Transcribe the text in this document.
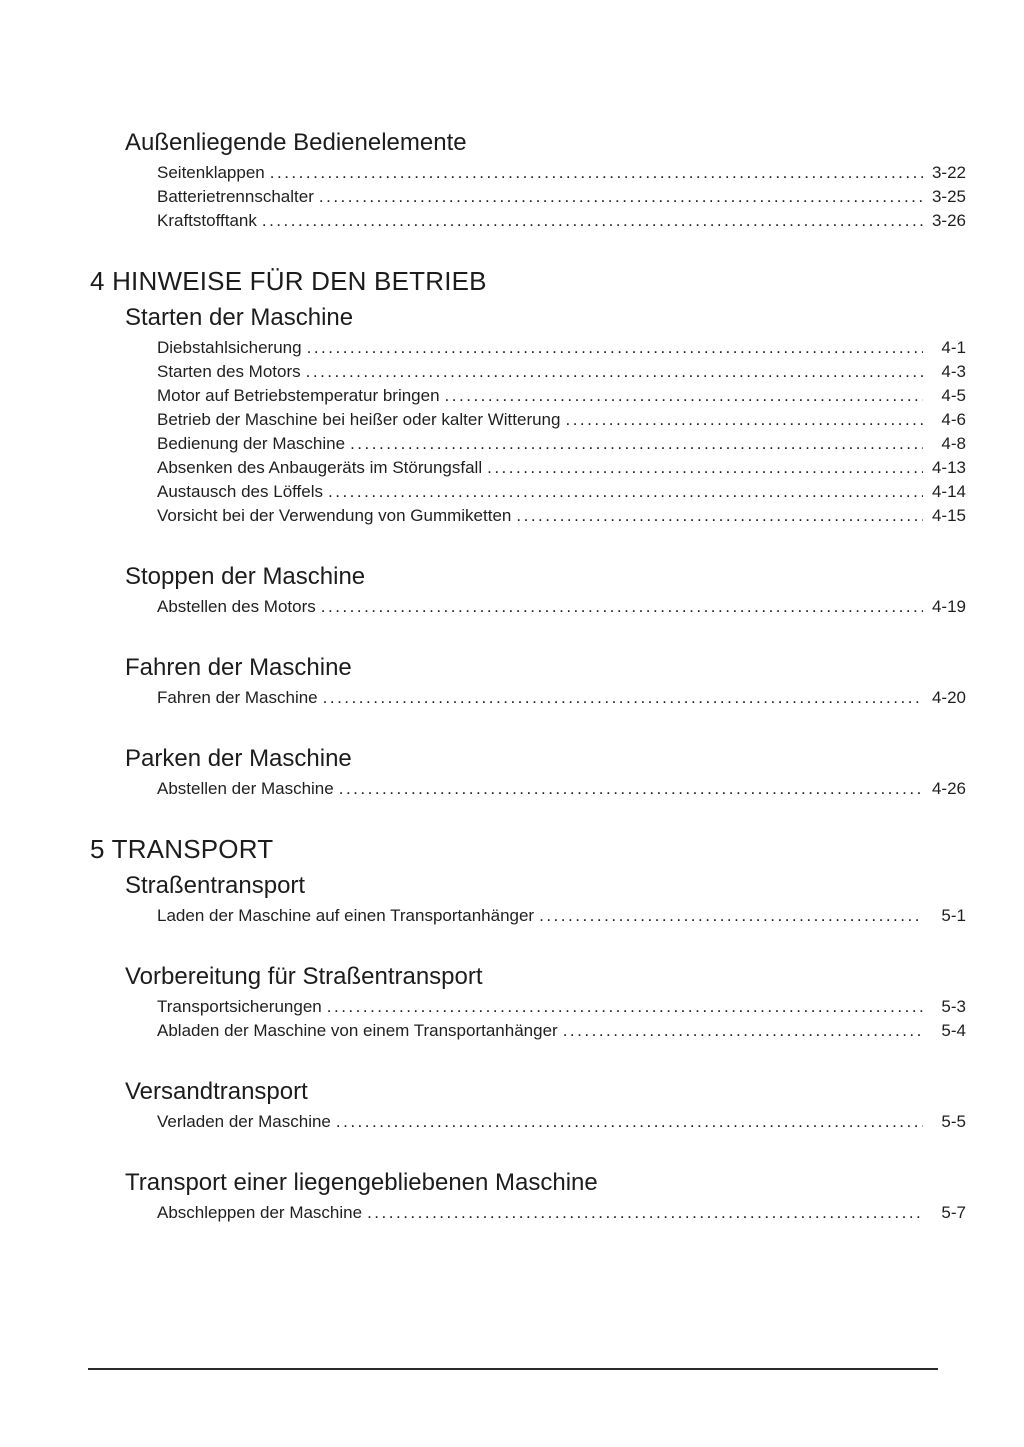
Außenliegende Bedienelemente
Seitenklappen .....	3-22
Batterietrennschalter .....	3-25
Kraftstofftank .....	3-26
4 HINWEISE FÜR DEN BETRIEB
Starten der Maschine
Diebstahlsicherung .....	4-1
Starten des Motors .....	4-3
Motor auf Betriebstemperatur bringen .....	4-5
Betrieb der Maschine bei heißer oder kalter Witterung .....	4-6
Bedienung der Maschine .....	4-8
Absenken des Anbaugeräts im Störungsfall .....	4-13
Austausch des Löffels .....	4-14
Vorsicht bei der Verwendung von Gummiketten .....	4-15
Stoppen der Maschine
Abstellen des Motors .....	4-19
Fahren der Maschine
Fahren der Maschine .....	4-20
Parken der Maschine
Abstellen der Maschine .....	4-26
5 TRANSPORT
Straßentransport
Laden der Maschine auf einen Transportanhänger .....	5-1
Vorbereitung für Straßentransport
Transportsicherungen .....	5-3
Abladen der Maschine von einem Transportanhänger .....	5-4
Versandtransport
Verladen der Maschine .....	5-5
Transport einer liegengebliebenen Maschine
Abschleppen der Maschine .....	5-7
